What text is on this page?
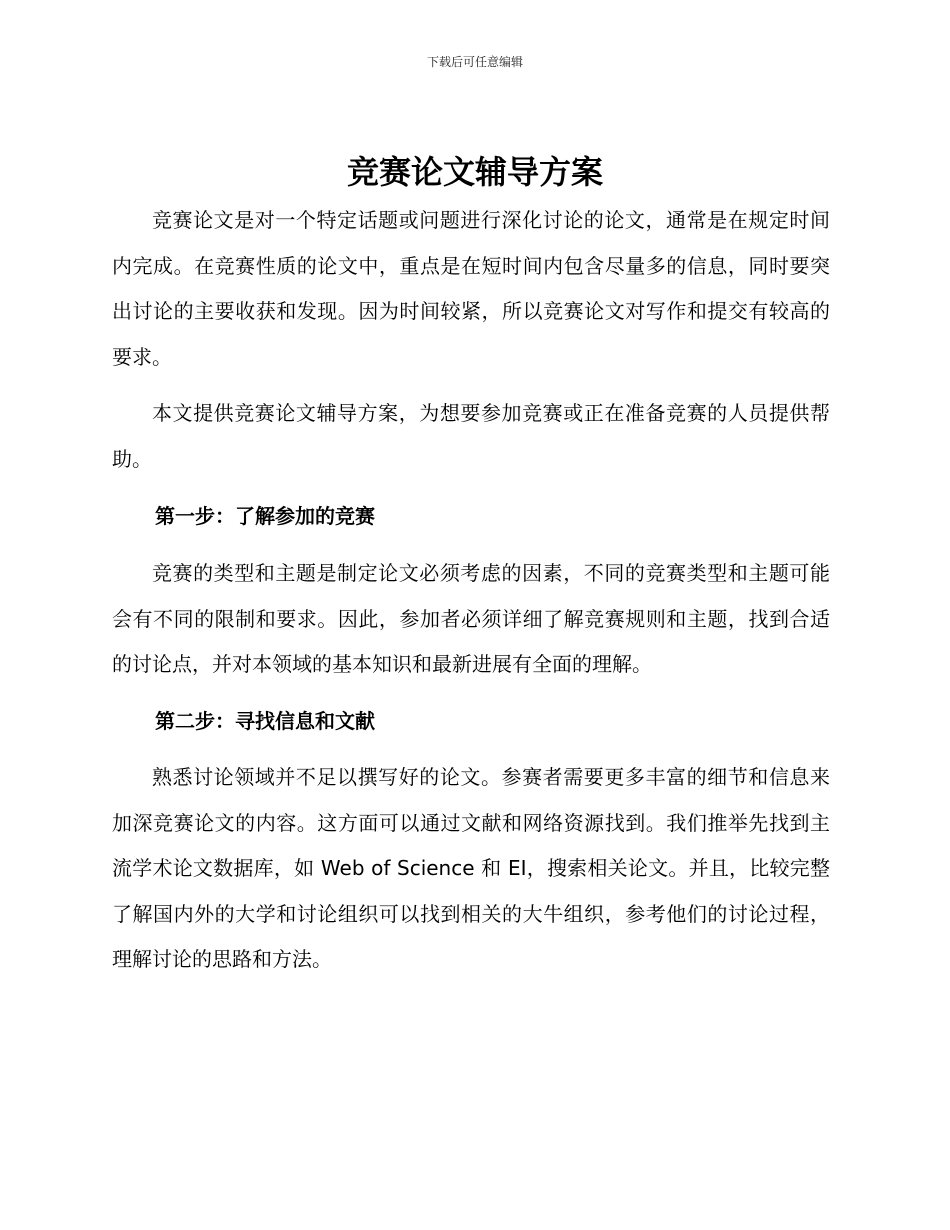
下载后可任意编辑
竞赛论文辅导方案

竞赛论文是对一个特定话题或问题进行深化讨论的论文，通常是在规定时间内完成。在竞赛性质的论文中，重点是在短时间内包含尽量多的信息，同时要突出讨论的主要收获和发现。因为时间较紧，所以竞赛论文对写作和提交有较高的要求。

本文提供竞赛论文辅导方案，为想要参加竞赛或正在准备竞赛的人员提供帮助。

第一步：了解参加的竞赛

竞赛的类型和主题是制定论文必须考虑的因素，不同的竞赛类型和主题可能会有不同的限制和要求。因此，参加者必须详细了解竞赛规则和主题，找到合适的讨论点，并对本领域的基本知识和最新进展有全面的理解。

第二步：寻找信息和文献

熟悉讨论领域并不足以撰写好的论文。参赛者需要更多丰富的细节和信息来加深竞赛论文的内容。这方面可以通过文献和网络资源找到。我们推举先找到主流学术论文数据库，如 Web of Science 和 EI，搜索相关论文。并且，比较完整了解国内外的大学和讨论组织可以找到相关的大牛组织，参考他们的讨论过程，理解讨论的思路和方法。
